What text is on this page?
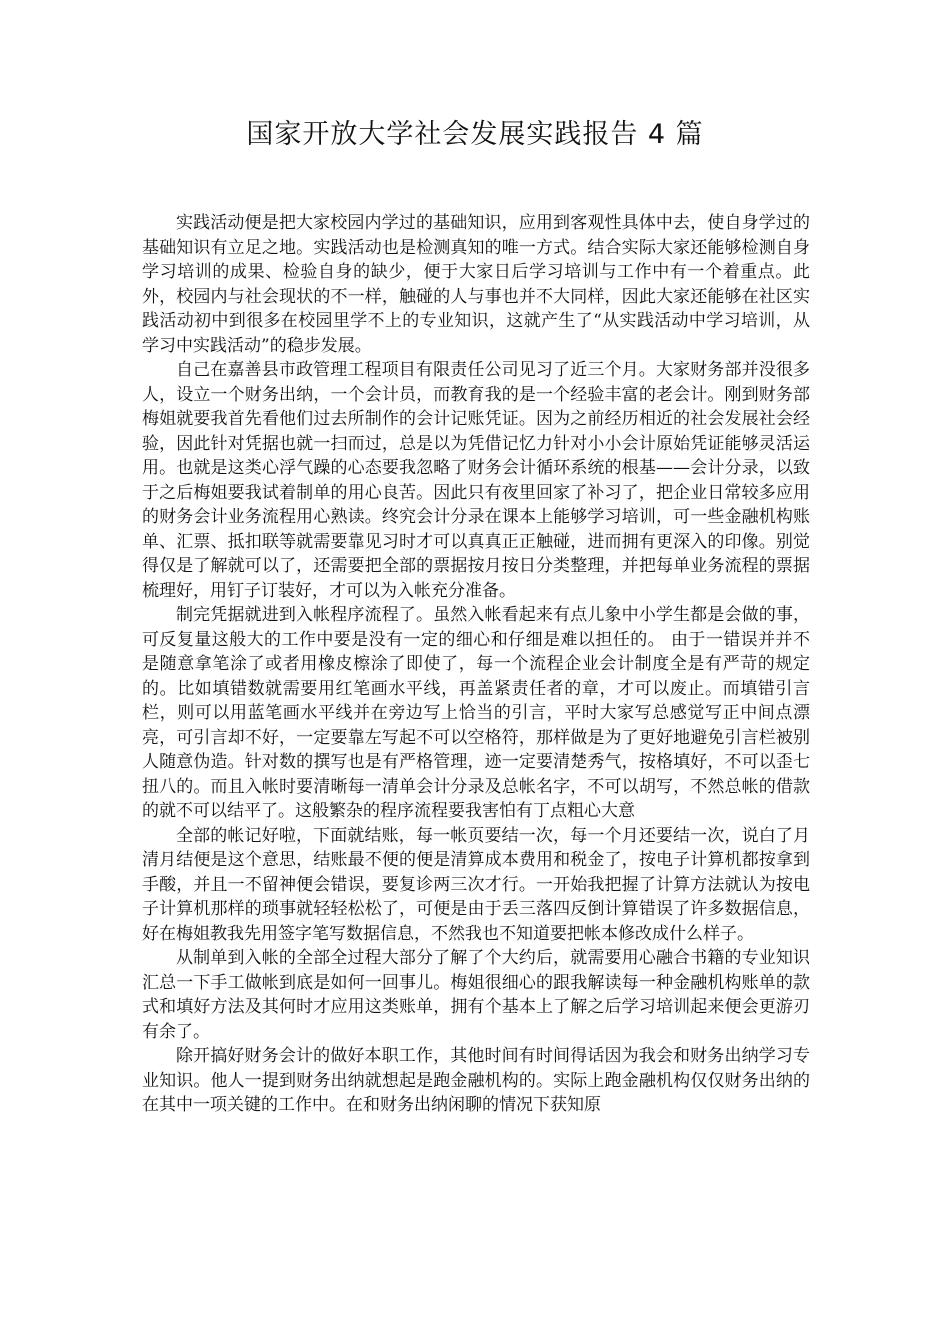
国家开放大学社会发展实践报告 4 篇

实践活动便是把大家校园内学过的基础知识，应用到客观性具体中去，使自身学过的基础知识有立足之地。实践活动也是检测真知的唯一方式。结合实际大家还能够检测自身学习培训的成果、检验自身的缺少，便于大家日后学习培训与工作中有一个着重点。此外，校园内与社会现状的不一样，触碰的人与事也并不大同样，因此大家还能够在社区实践活动初中到很多在校园里学不上的专业知识，这就产生了“从实践活动中学习培训，从学习中实践活动”的稳步发展。

自己在嘉善县市政管理工程项目有限责任公司见习了近三个月。大家财务部并没很多人，设立一个财务出纳，一个会计员，而教育我的是一个经验丰富的老会计。刚到财务部梅姐就要我首先看他们过去所制作的会计记账凭证。因为之前经历相近的社会发展社会经验，因此针对凭据也就一扫而过，总是以为凭借记忆力针对小小会计原始凭证能够灵活运用。也就是这类心浮气躁的心态要我忽略了财务会计循环系统的根基——会计分录，以致于之后梅姐要我试着制单的用心良苦。因此只有夜里回家了补习了，把企业日常较多应用的财务会计业务流程用心熟读。终究会计分录在课本上能够学习培训，可一些金融机构账单、汇票、抵扣联等就需要靠见习时才可以真真正正触碰，进而拥有更深入的印像。别觉得仅是了解就可以了，还需要把全部的票据按月按日分类整理，并把每单业务流程的票据梳理好，用钉子订装好，才可以为入帐充分准备。

制完凭据就进到入帐程序流程了。虽然入帐看起来有点儿象中小学生都是会做的事，可反复量这般大的工作中要是没有一定的细心和仔细是难以担任的。 由于一错误并并不是随意拿笔涂了或者用橡皮檫涂了即使了，每一个流程企业会计制度全是有严苛的规定的。比如填错数就需要用红笔画水平线，再盖紧责任者的章，才可以废止。而填错引言栏，则可以用蓝笔画水平线并在旁边写上恰当的引言，平时大家写总感觉写正中间点漂亮，可引言却不好，一定要靠左写起不可以空格符，那样做是为了更好地避免引言栏被别人随意伪造。针对数的撰写也是有严格管理，迹一定要清楚秀气，按格填好，不可以歪七扭八的。而且入帐时要清晰每一清单会计分录及总帐名字，不可以胡写，不然总帐的借款的就不可以结平了。这般繁杂的程序流程要我害怕有丁点粗心大意

全部的帐记好啦，下面就结账，每一帐页要结一次，每一个月还要结一次，说白了月清月结便是这个意思，结账最不便的便是清算成本费用和税金了，按电子计算机都按拿到手酸，并且一不留神便会错误，要复诊两三次才行。一开始我把握了计算方法就认为按电子计算机那样的琐事就轻轻松松了，可便是由于丢三落四反倒计算错误了许多数据信息，好在梅姐教我先用签字笔写数据信息，不然我也不知道要把帐本修改成什么样子。

从制单到入帐的全部全过程大部分了解了个大约后，就需要用心融合书籍的专业知识汇总一下手工做帐到底是如何一回事儿。梅姐很细心的跟我解读每一种金融机构账单的款式和填好方法及其何时才应用这类账单，拥有个基本上了解之后学习培训起来便会更游刃有余了。

除开搞好财务会计的做好本职工作，其他时间有时间得话因为我会和财务出纳学习专业知识。他人一提到财务出纳就想起是跑金融机构的。实际上跑金融机构仅仅财务出纳的在其中一项关键的工作中。在和财务出纳闲聊的情况下获知原
